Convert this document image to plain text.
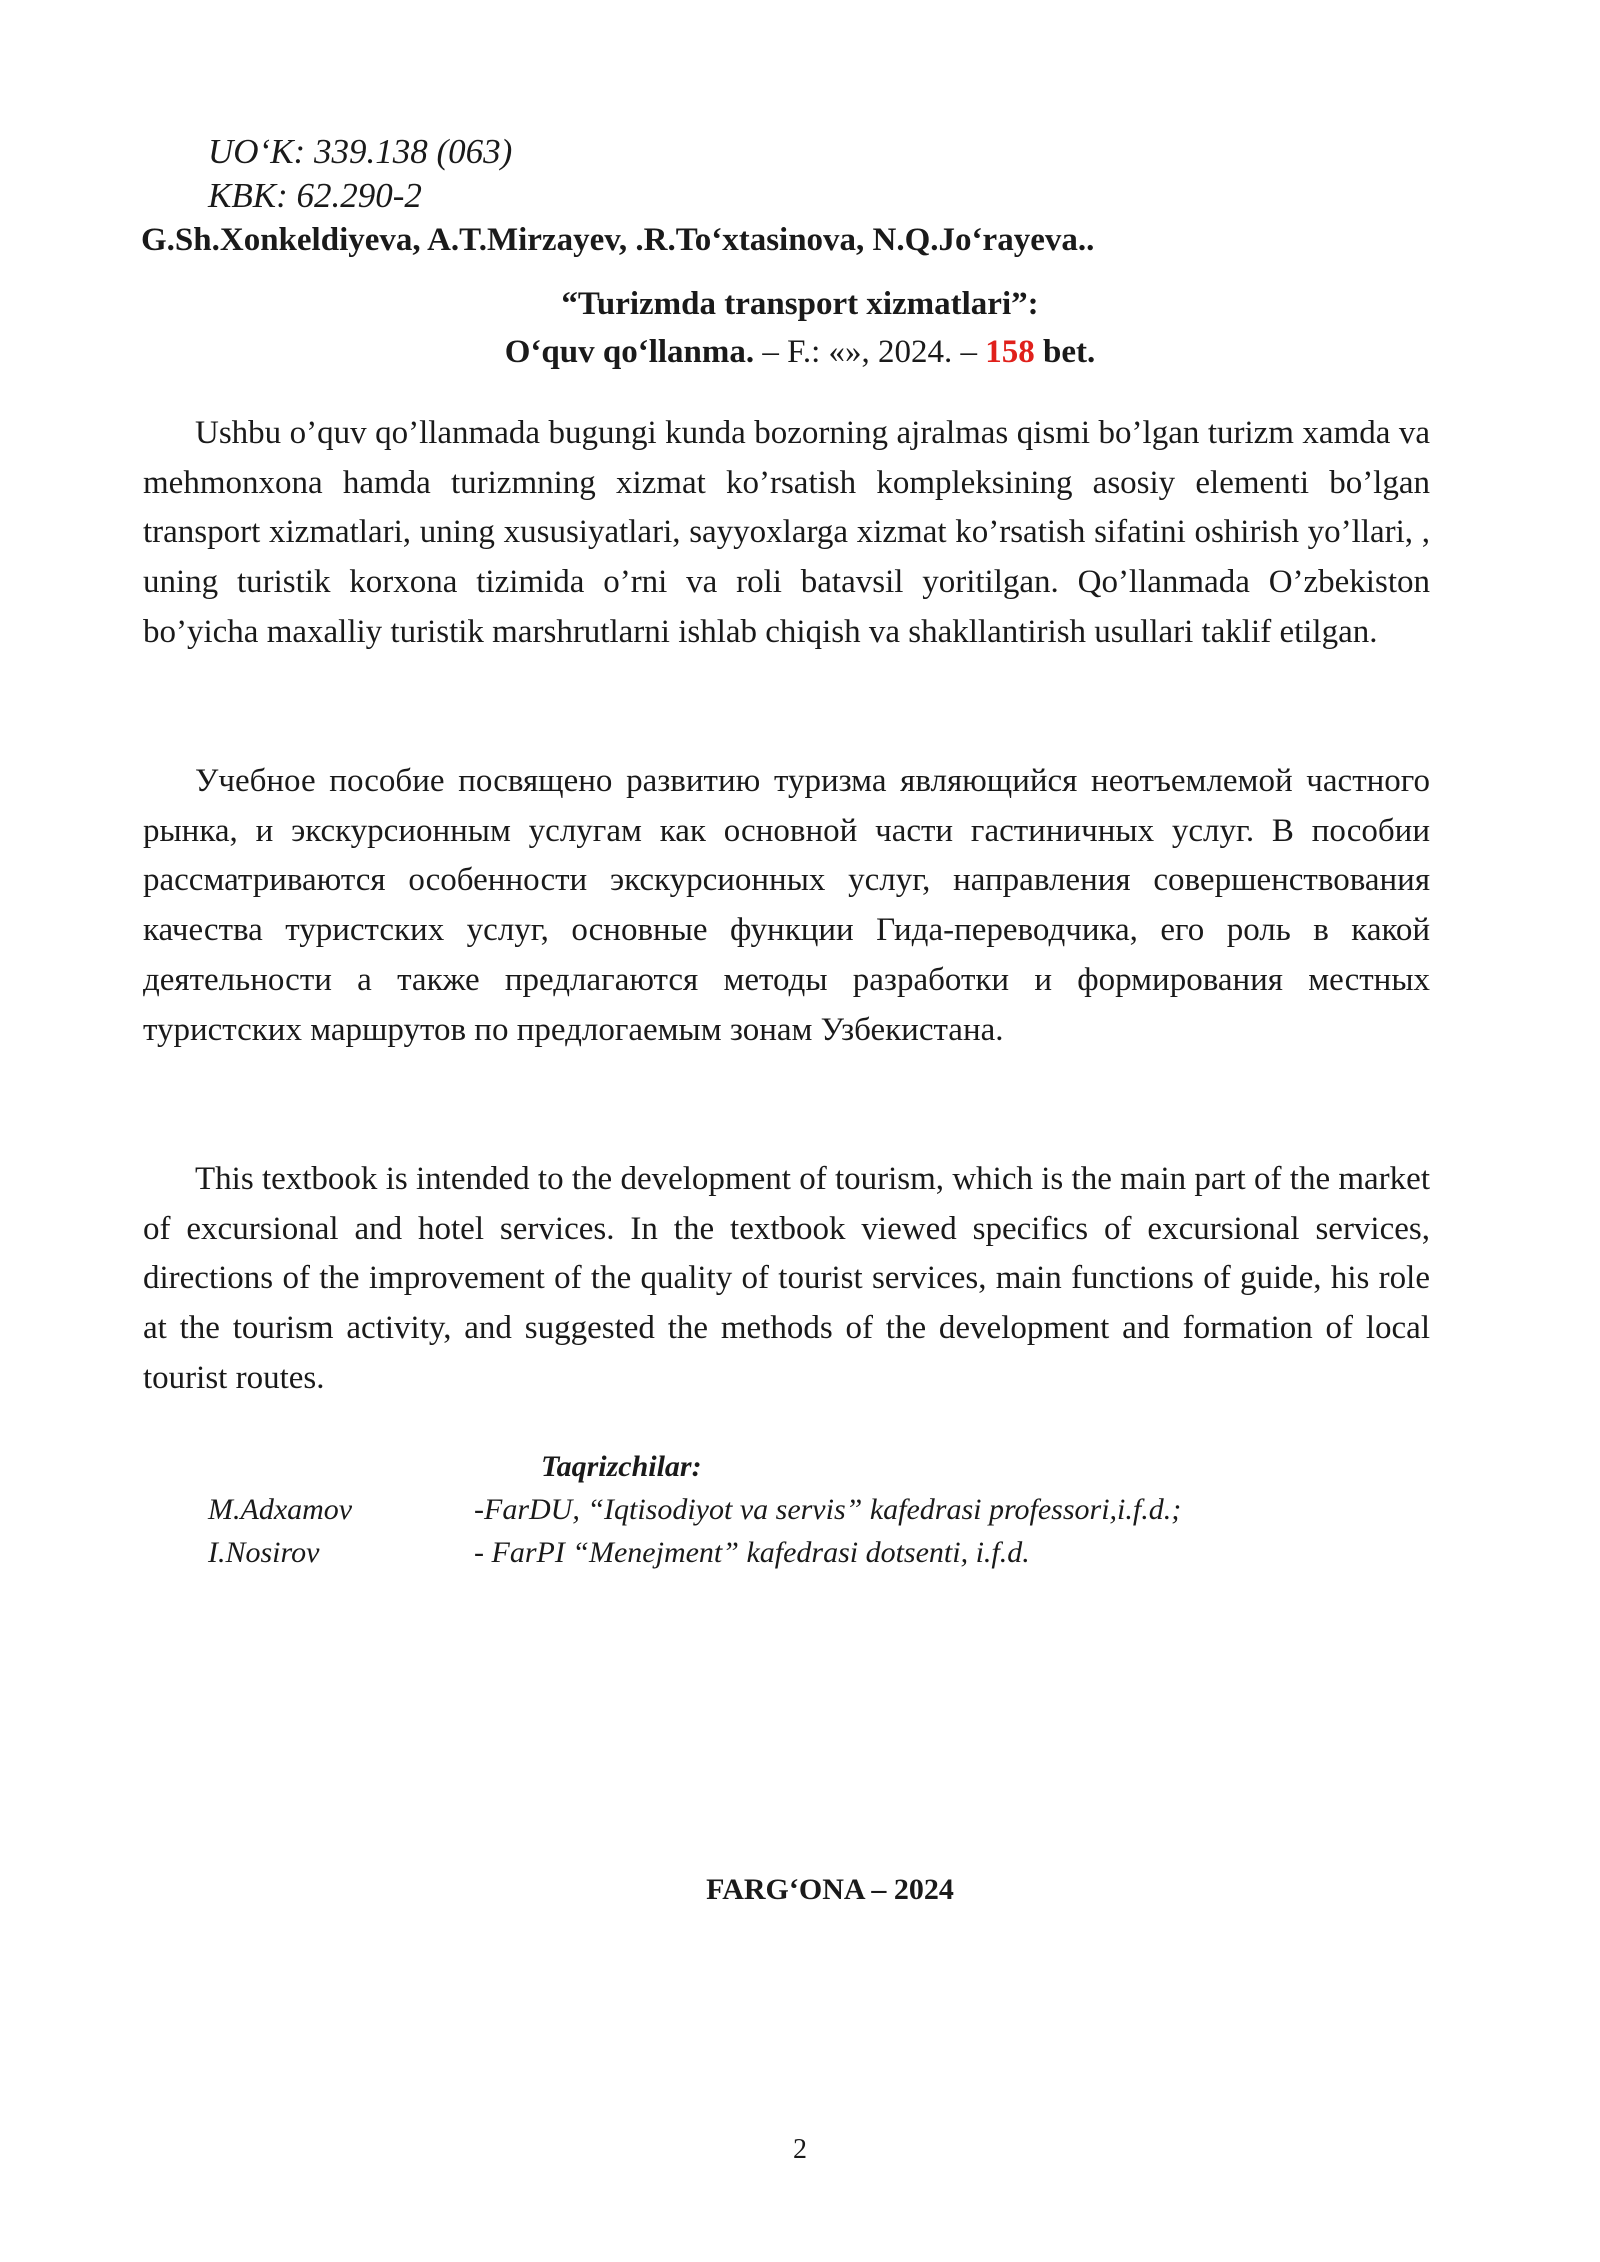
UO‘K: 339.138 (063)
KBK: 62.290-2
G.Sh.Xonkeldiyeva, A.T.Mirzayev, .R.To‘xtasinova, N.Q.Jo‘rayeva..
“Turizmda transport xizmatlari”:
O‘quv qo‘llanma. – F.: «», 2024. – 158 bet.

Ushbu o’quv qo’llanmada bugungi kunda bozorning ajralmas qismi bo’lgan turizm xamda va mehmonxona hamda turizmning xizmat ko’rsatish kompleksining asosiy elementi bo’lgan transport xizmatlari, uning xususiyatlari, sayyoxlarga xizmat ko’rsatish sifatini oshirish yo’llari, , uning turistik korxona tizimida o’rni va roli batavsil yoritilgan. Qo’llanmada O’zbekiston bo’yicha maxalliy turistik marshrutlarni ishlab chiqish va shakllantirish usullari taklif etilgan.

Учебное пособие посвящено развитию туризма являющийся неотъемлемой частного рынка, и экскурсионным услугам как основной части гастиничных услуг. В пособии рассматриваются особенности экскурсионных услуг, направления совершенствования качества туристских услуг, основные функции Гида-переводчика, его роль в какой деятельности а также предлагаются методы разработки и формирования местных туристских маршрутов по предлогаемым зонам Узбекистана.

This textbook is intended to the development of tourism, which is the main part of the market of excursional and hotel services. In the textbook viewed specifics of excursional services, directions of the improvement of the quality of tourist services, main functions of guide, his role at the tourism activity, and suggested the methods of the development and formation of local tourist routes.

Taqrizchilar:
M.Adxamov	-FarDU, “Iqtisodiyot va servis” kafedrasi professori,i.f.d.;
I.Nosirov	- FarPI “Menejment” kafedrasi dotsenti, i.f.d.
FARG‘ONA – 2024
2
